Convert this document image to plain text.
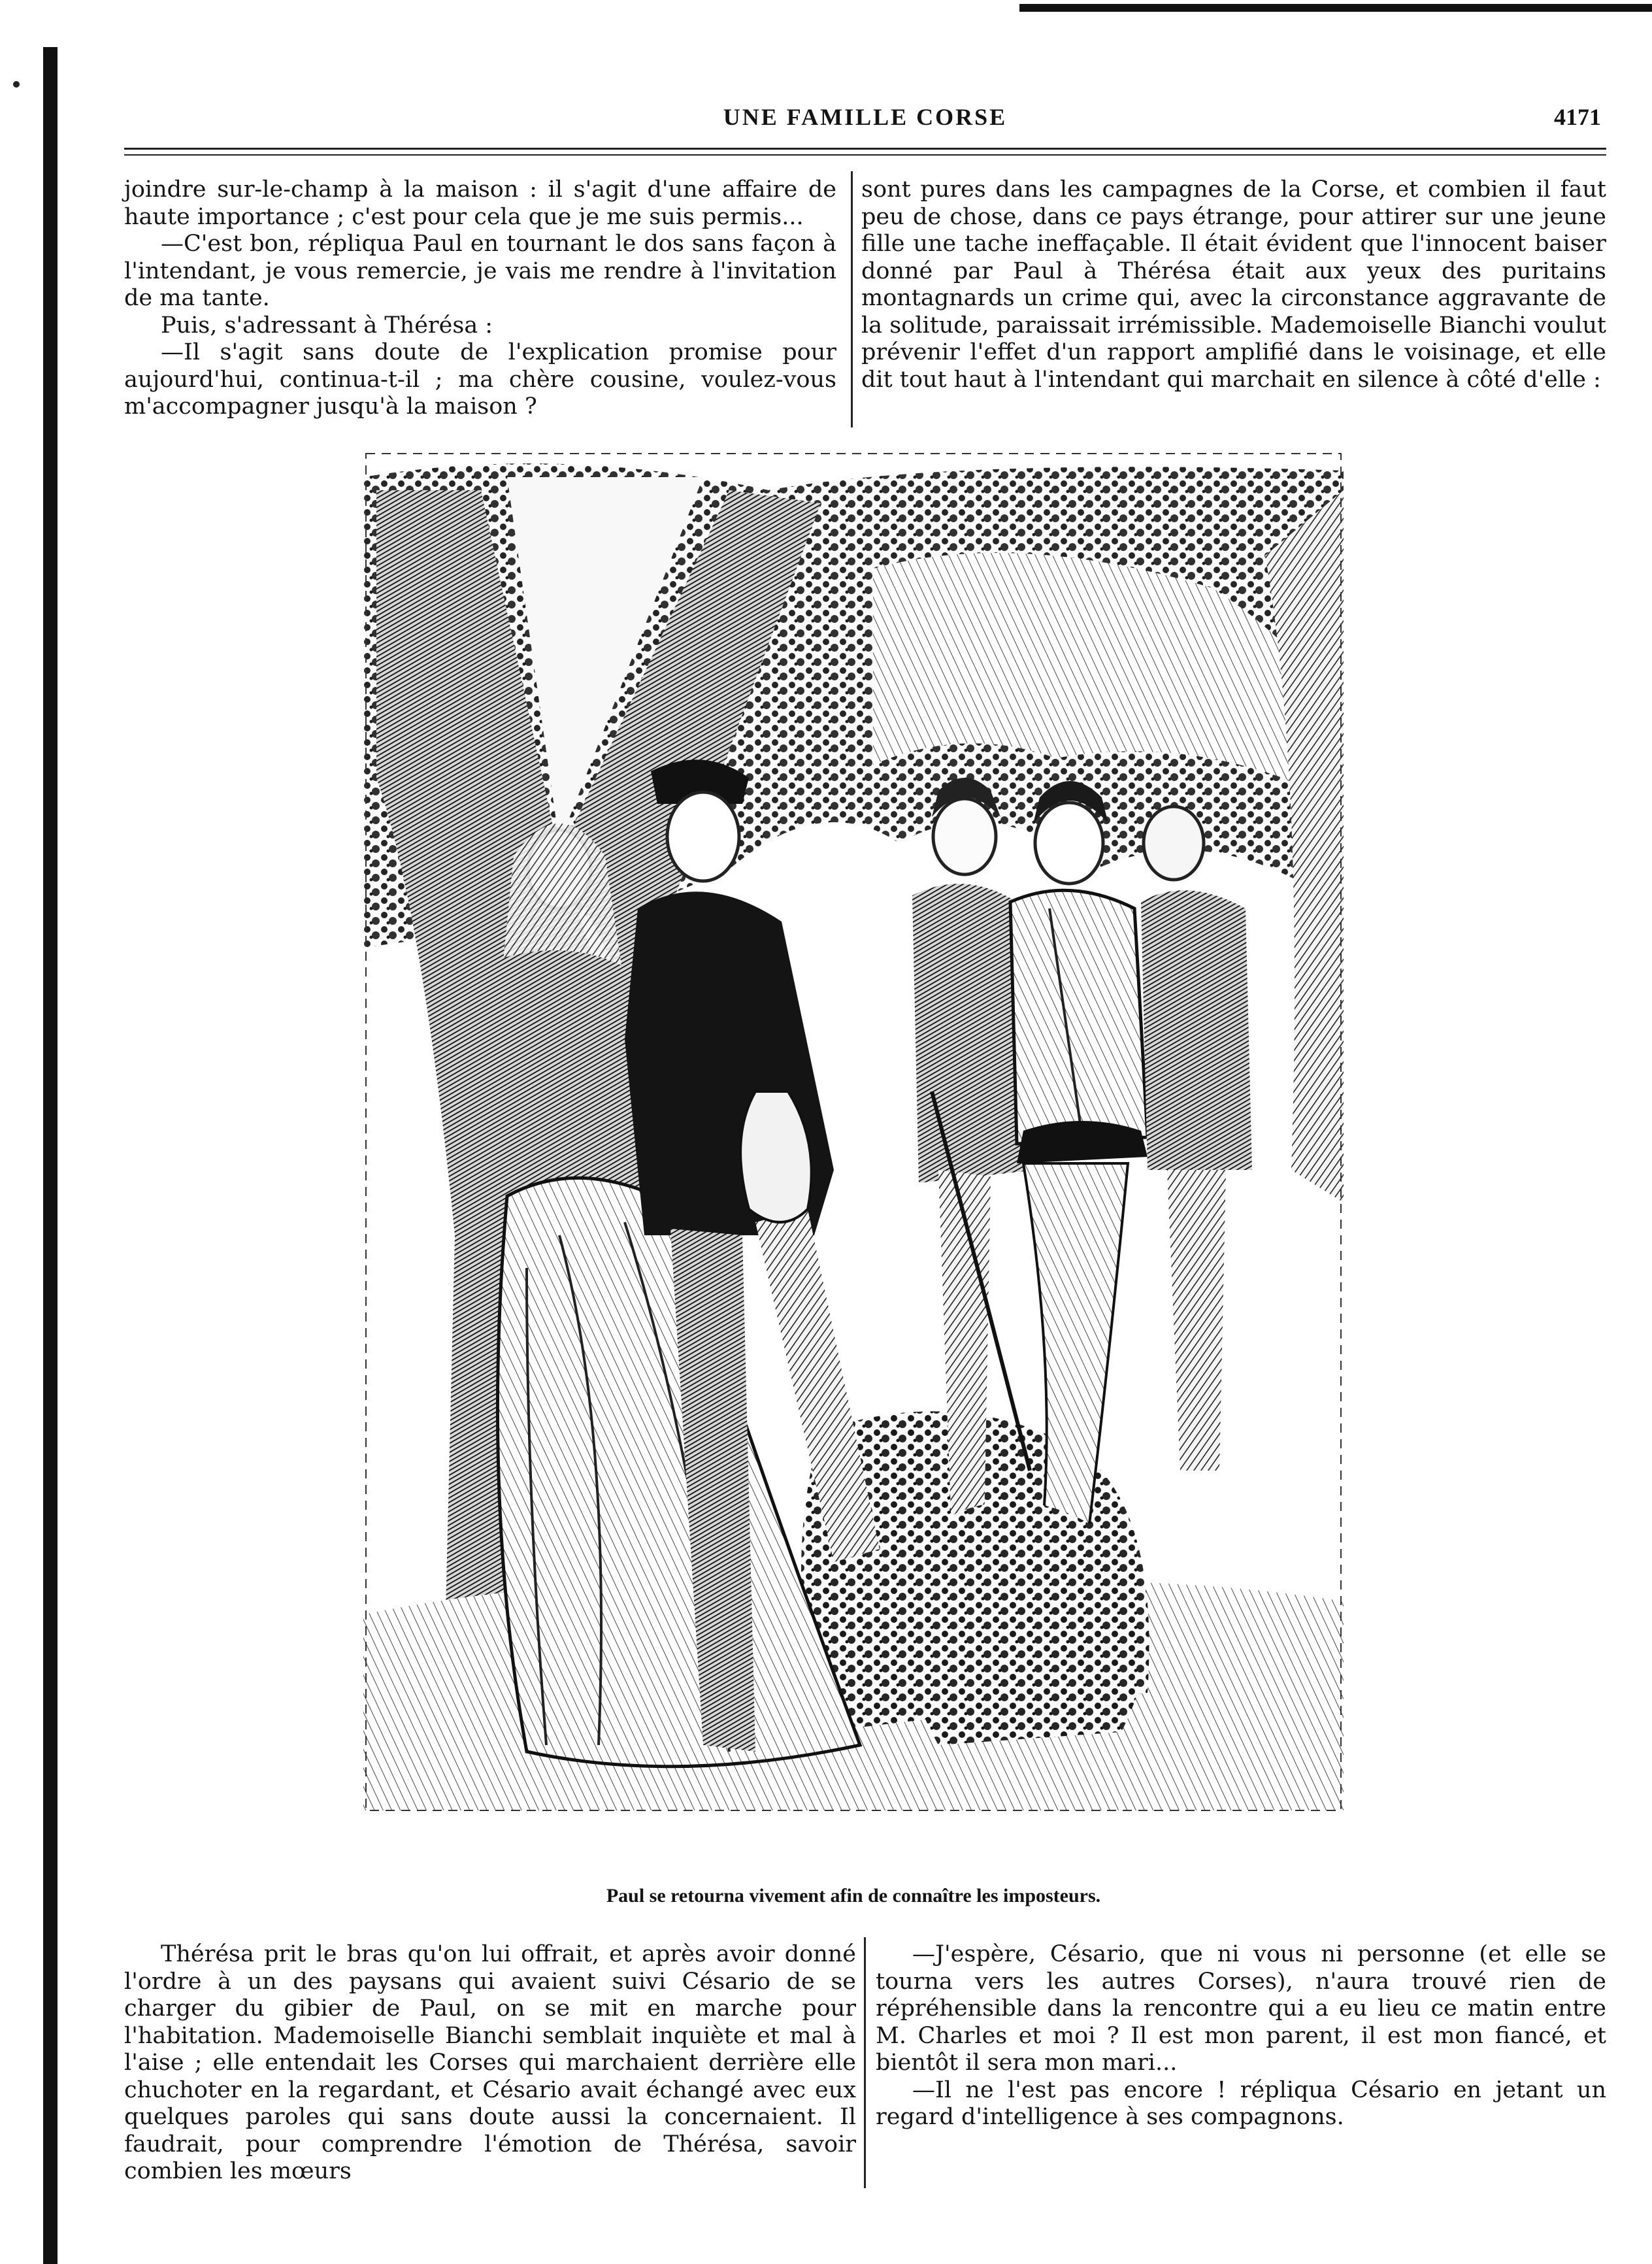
UNE FAMILLE CORSE	4171

joindre sur-le-champ à la maison : il s'agit d'une affaire de haute importance ; c'est pour cela que je me suis permis...

—C'est bon, répliqua Paul en tournant le dos sans façon à l'intendant, je vous remercie, je vais me rendre à l'invitation de ma tante.

Puis, s'adressant à Thérésa :

—Il s'agit sans doute de l'explication promise pour aujourd'hui, continua-t-il ; ma chère cousine, voulez-vous m'accompagner jusqu'à la maison ?

sont pures dans les campagnes de la Corse, et combien il faut peu de chose, dans ce pays étrange, pour attirer sur une jeune fille une tache ineffaçable. Il était évident que l'innocent baiser donné par Paul à Thérésa était aux yeux des puritains montagnards un crime qui, avec la circonstance aggravante de la solitude, paraissait irrémissible. Mademoiselle Bianchi voulut prévenir l'effet d'un rapport amplifié dans le voisinage, et elle dit tout haut à l'intendant qui marchait en silence à côté d'elle :

Paul se retourna vivement afin de connaître les imposteurs.

Thérésa prit le bras qu'on lui offrait, et après avoir donné l'ordre à un des paysans qui avaient suivi Césario de se charger du gibier de Paul, on se mit en marche pour l'habitation. Mademoiselle Bianchi semblait inquiète et mal à l'aise ; elle entendait les Corses qui marchaient derrière elle chuchoter en la regardant, et Césario avait échangé avec eux quelques paroles qui sans doute aussi la concernaient. Il faudrait, pour comprendre l'émotion de Thérésa, savoir combien les mœurs

—J'espère, Césario, que ni vous ni personne (et elle se tourna vers les autres Corses), n'aura trouvé rien de répréhensible dans la rencontre qui a eu lieu ce matin entre M. Charles et moi ? Il est mon parent, il est mon fiancé, et bientôt il sera mon mari...

—Il ne l'est pas encore ! répliqua Césario en jetant un regard d'intelligence à ses compagnons.
